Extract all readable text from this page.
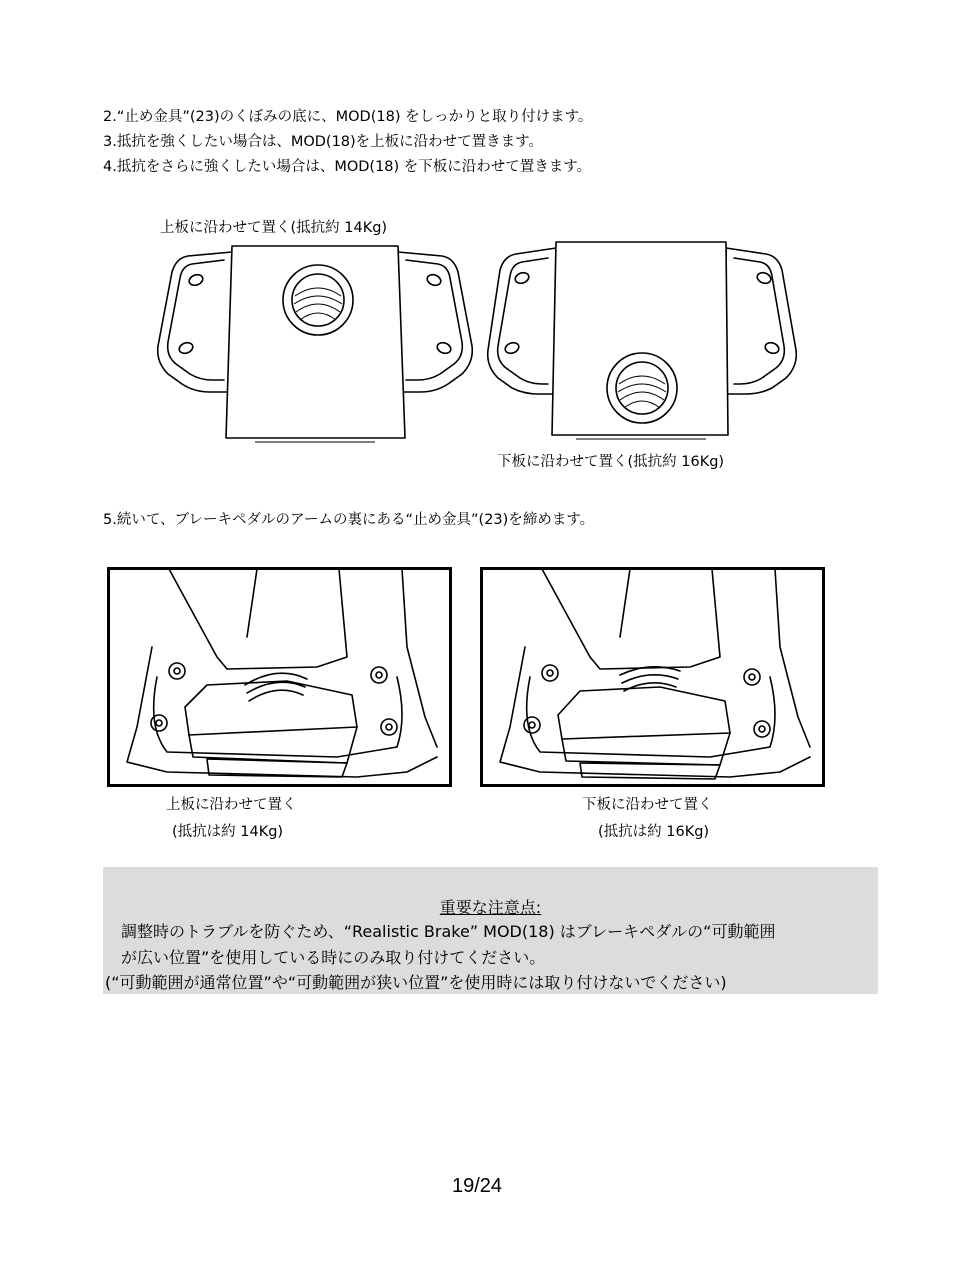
2.“止め金具”(23)のくぼみの底に、MOD(18) をしっかりと取り付けます。
3.抵抗を強くしたい場合は、MOD(18)を上板に沿わせて置きます。
4.抵抗をさらに強くしたい場合は、MOD(18) を下板に沿わせて置きます。
上板に沿わせて置く(抵抗約 14Kg)
下板に沿わせて置く(抵抗約 16Kg)
5.続いて、ブレーキペダルのアームの裏にある“止め金具”(23)を締めます。
上板に沿わせて置く
(抵抗は約 14Kg)
下板に沿わせて置く
(抵抗は約 16Kg)
重要な注意点:
調整時のトラブルを防ぐため、“Realistic Brake” MOD(18) はブレーキペダルの“可動範囲
が広い位置”を使用している時にのみ取り付けてください。
(“可動範囲が通常位置”や“可動範囲が狭い位置”を使用時には取り付けないでください)
19/24
